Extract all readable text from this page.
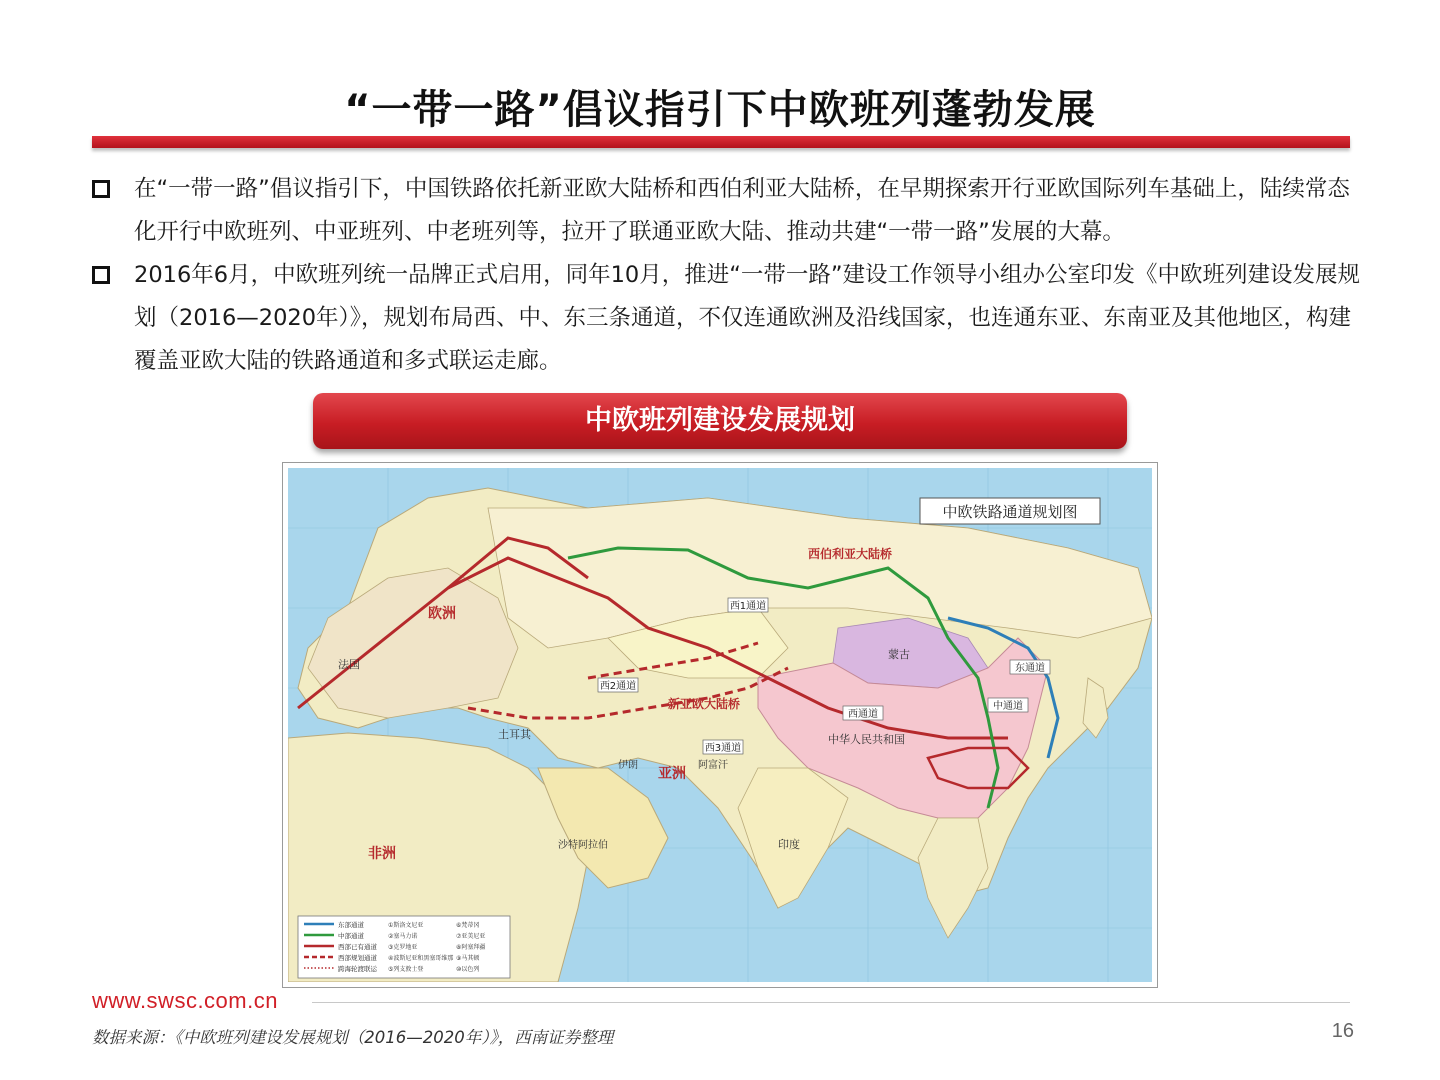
“一带一路”倡议指引下中欧班列蓬勃发展
在“一带一路”倡议指引下，中国铁路依托新亚欧大陆桥和西伯利亚大陆桥，在早期探索开行亚欧国际列车基础上，陆续常态化开行中欧班列、中亚班列、中老班列等，拉开了联通亚欧大陆、推动共建“一带一路”发展的大幕。
2016年6月，中欧班列统一品牌正式启用，同年10月，推进“一带一路”建设工作领导小组办公室印发《中欧班列建设发展规划（2016—2020年）》，规划布局西、中、东三条通道，不仅连通欧洲及沿线国家，也连通东亚、东南亚及其他地区，构建覆盖亚欧大陆的铁路通道和多式联运走廊。
中欧班列建设发展规划
中欧铁路通道规划图
欧洲
非洲
亚洲
中华人民共和国
蒙古
印度
西伯利亚大陆桥
新亚欧大陆桥
土耳其
法国
阿富汗
伊朗
沙特阿拉伯
东通道
中通道
西通道
西1通道
西2通道
西3通道
东部通道
中部通道
西部已有通道
西部规划通道
跨海轮渡联运
①斯洛文尼亚
②塞马力诺
③克罗地亚
④波斯尼亚和黑塞哥维那
⑤列支敦士登
⑥梵蒂冈
⑦亚美尼亚
⑧阿塞拜疆
⑨马其顿
⑩以色列
www.swsc.com.cn
数据来源：《中欧班列建设发展规划（2016—2020年）》，西南证券整理	16
